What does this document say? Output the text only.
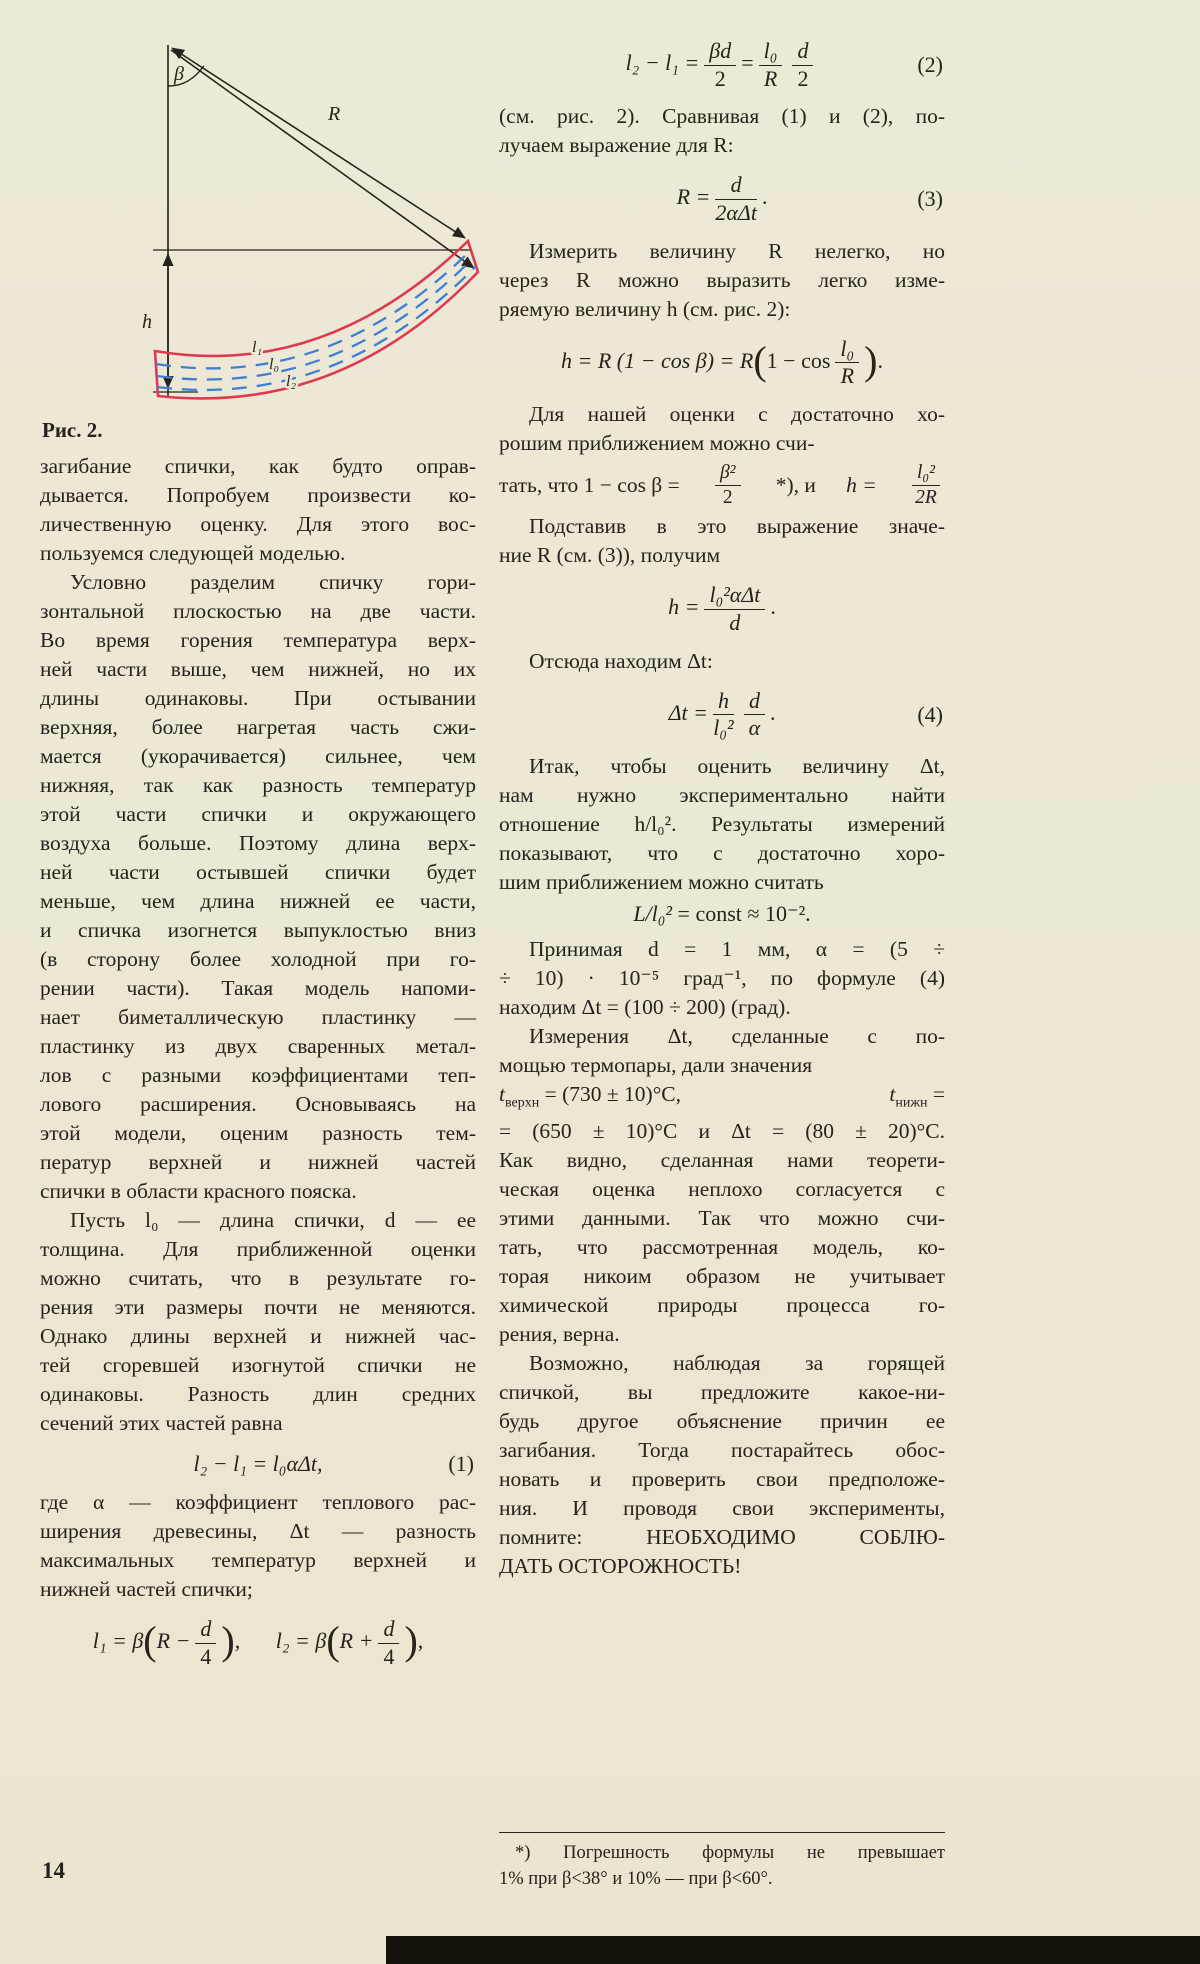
β
R
h
l₁
l₀
l₂
Рис. 2.
загибание спички, как будто оправ-
дывается. Попробуем произвести ко-
личественную оценку. Для этого вос-
пользуемся следующей моделью.
Условно разделим спичку гори-
зонтальной плоскостью на две части.
Во время горения температура верх-
ней части выше, чем нижней, но их
длины одинаковы. При остывании
верхняя, более нагретая часть сжи-
мается (укорачивается) сильнее, чем
нижняя, так как разность температур
этой части спички и окружающего
воздуха больше. Поэтому длина верх-
ней части остывшей спички будет
меньше, чем длина нижней ее части,
и спичка изогнется выпуклостью вниз
(в сторону более холодной при го-
рении части). Такая модель напоми-
нает биметаллическую пластинку —
пластинку из двух сваренных метал-
лов с разными коэффициентами теп-
лового расширения. Основываясь на
этой модели, оценим разность тем-
ператур верхней и нижней частей
спички в области красного пояска.
Пусть l₀ — длина спички, d — ее
толщина. Для приближенной оценки
можно считать, что в результате го-
рения эти размеры почти не меняются.
Однако длины верхней и нижней час-
тей сгоревшей изогнутой спички не
одинаковы. Разность длин средних
сечений этих частей равна
l₂ − l₁ = l₀αΔt,	(1)
где α — коэффициент теплового рас-
ширения древесины, Δt — разность
максимальных температур верхней и
нижней частей спички;
$l_1 = \beta(R - \frac{d}{4}$ ), $l_2 = \beta(R + \frac{d}{4}$ ),
$l_2 - l_1 = \frac{\beta d}{2} = \frac{\text{l₀}}{R} \frac{d}{2}$	(2)
(см. рис. 2). Сравнивая (1) и (2), по-
лучаем выражение для R:
$R = \frac{d}{\text{2αΔt}}$ .	(3)
Измерить величину R нелегко, но
через R можно выразить легко изме-
ряемую величину h (см. рис. 2):
h = R $(1 - \cos \beta) = R(1 - \cos \frac{\text{l₀}}{R}$ ).
Для нашей оценки с достаточно хо-
рошим приближением можно счи-
тать, что $1 - \cos \beta = \frac{\text{β²}}{2}$ *), и $h = \frac{\text{l₀²}}{2R}$
Подставив в это выражение значе-
ние R (см. (3)), получим
$h = \frac{\text{l₀²αΔt}}{d}$ .
Отсюда находим Δt:
$\Delta t = \frac{h}{\text{l₀²}} \frac{d}{\alpha}$ .	(4)
Итак, чтобы оценить величину Δt,
нам нужно экспериментально найти
отношение h/l₀². Результаты измерений
показывают, что с достаточно хоро-
шим приближением можно считать
L/l₀² = const ≈ 10⁻².
Принимая d = 1 мм, α = (5 ÷
÷ 10) · 10⁻⁵ град⁻¹, по формуле (4)
находим Δt = (100 ÷ 200) (град).
Измерения Δt, сделанные с по-
мощью термопары, дали значения
$t_{верхн} = (730 \pm 10)^\circ C$,	$t_{нижн}$ =
= (650 ± 10)°C и Δt = (80 ± 20)°C.
Как видно, сделанная нами теорети-
ческая оценка неплохо согласуется с
этими данными. Так что можно счи-
тать, что рассмотренная модель, ко-
торая никоим образом не учитывает
химической природы процесса го-
рения, верна.
Возможно, наблюдая за горящей
спичкой, вы предложите какое-ни-
будь другое объяснение причин ее
загибания. Тогда постарайтесь обос-
новать и проверить свои предположе-
ния. И проводя свои эксперименты,
помните: НЕОБХОДИМО СОБЛЮ-
ДАТЬ ОСТОРОЖНОСТЬ!
*) Погрешность формулы не превышает
1% при β<38° и 10% — при β<60°.
14
